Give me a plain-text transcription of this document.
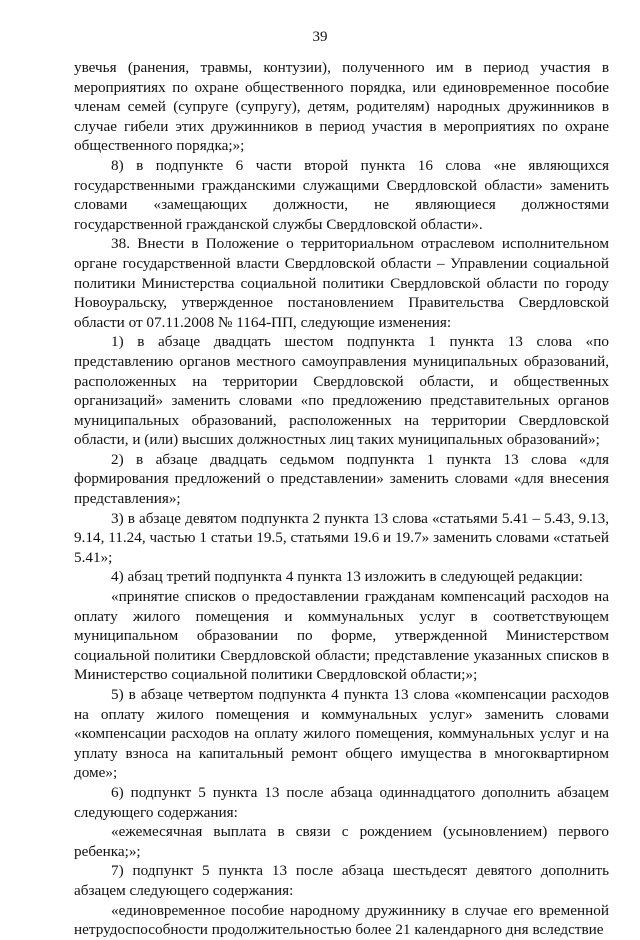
39

увечья (ранения, травмы, контузии), полученного им в период участия в мероприятиях по охране общественного порядка, или единовременное пособие членам семей (супруге (супругу), детям, родителям) народных дружинников в случае гибели этих дружинников в период участия в мероприятиях по охране общественного порядка;»;

8) в подпункте 6 части второй пункта 16 слова «не являющихся государственными гражданскими служащими Свердловской области» заменить словами «замещающих должности, не являющиеся должностями государственной гражданской службы Свердловской области».

38. Внести в Положение о территориальном отраслевом исполнительном органе государственной власти Свердловской области – Управлении социальной политики Министерства социальной политики Свердловской области по городу Новоуральску, утвержденное постановлением Правительства Свердловской области от 07.11.2008 № 1164-ПП, следующие изменения:

1) в абзаце двадцать шестом подпункта 1 пункта 13 слова «по представлению органов местного самоуправления муниципальных образований, расположенных на территории Свердловской области, и общественных организаций» заменить словами «по предложению представительных органов муниципальных образований, расположенных на территории Свердловской области, и (или) высших должностных лиц таких муниципальных образований»;

2) в абзаце двадцать седьмом подпункта 1 пункта 13 слова «для формирования предложений о представлении» заменить словами «для внесения представления»;

3) в абзаце девятом подпункта 2 пункта 13 слова «статьями 5.41 – 5.43, 9.13, 9.14, 11.24, частью 1 статьи 19.5, статьями 19.6 и 19.7» заменить словами «статьей 5.41»;

4) абзац третий подпункта 4 пункта 13 изложить в следующей редакции:

«принятие списков о предоставлении гражданам компенсаций расходов на оплату жилого помещения и коммунальных услуг в соответствующем муниципальном образовании по форме, утвержденной Министерством социальной политики Свердловской области; представление указанных списков в Министерство социальной политики Свердловской области;»;

5) в абзаце четвертом подпункта 4 пункта 13 слова «компенсации расходов на оплату жилого помещения и коммунальных услуг» заменить словами «компенсации расходов на оплату жилого помещения, коммунальных услуг и на уплату взноса на капитальный ремонт общего имущества в многоквартирном доме»;

6) подпункт 5 пункта 13 после абзаца одиннадцатого дополнить абзацем следующего содержания:

«ежемесячная выплата в связи с рождением (усыновлением) первого ребенка;»;

7) подпункт 5 пункта 13 после абзаца шестьдесят девятого дополнить абзацем следующего содержания:

«единовременное пособие народному дружиннику в случае его временной нетрудоспособности продолжительностью более 21 календарного дня вследствие
